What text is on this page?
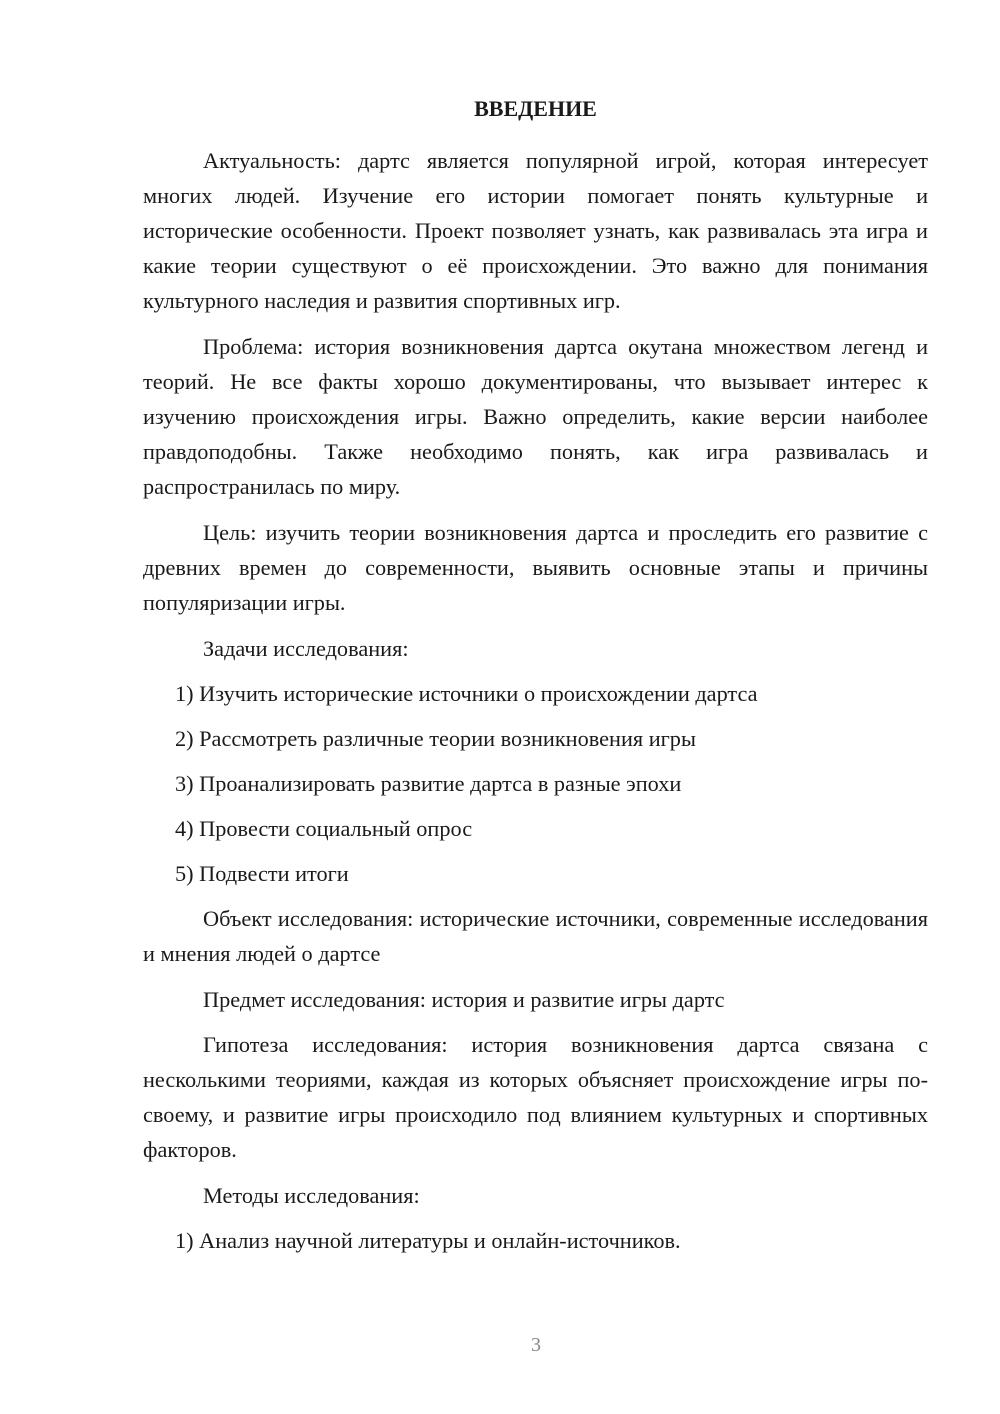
ВВЕДЕНИЕ

Актуальность: дартс является популярной игрой, которая интересует многих людей. Изучение его истории помогает понять культурные и исторические особенности. Проект позволяет узнать, как развивалась эта игра и какие теории существуют о её происхождении. Это важно для понимания культурного наследия и развития спортивных игр.

Проблема: история возникновения дартса окутана множеством легенд и теорий. Не все факты хорошо документированы, что вызывает интерес к изучению происхождения игры. Важно определить, какие версии наиболее правдоподобны. Также необходимо понять, как игра развивалась и распространилась по миру.

Цель: изучить теории возникновения дартса и проследить его развитие с древних времен до современности, выявить основные этапы и причины популяризации игры.

Задачи исследования:

1) Изучить исторические источники о происхождении дартса

2) Рассмотреть различные теории возникновения игры

3) Проанализировать развитие дартса в разные эпохи

4) Провести социальный опрос

5) Подвести итоги

Объект исследования: исторические источники, современные исследования и мнения людей о дартсе

Предмет исследования: история и развитие игры дартс

Гипотеза исследования: история возникновения дартса связана с несколькими теориями, каждая из которых объясняет происхождение игры по-своему, и развитие игры происходило под влиянием культурных и спортивных факторов.

Методы исследования:

1) Анализ научной литературы и онлайн-источников.

3
